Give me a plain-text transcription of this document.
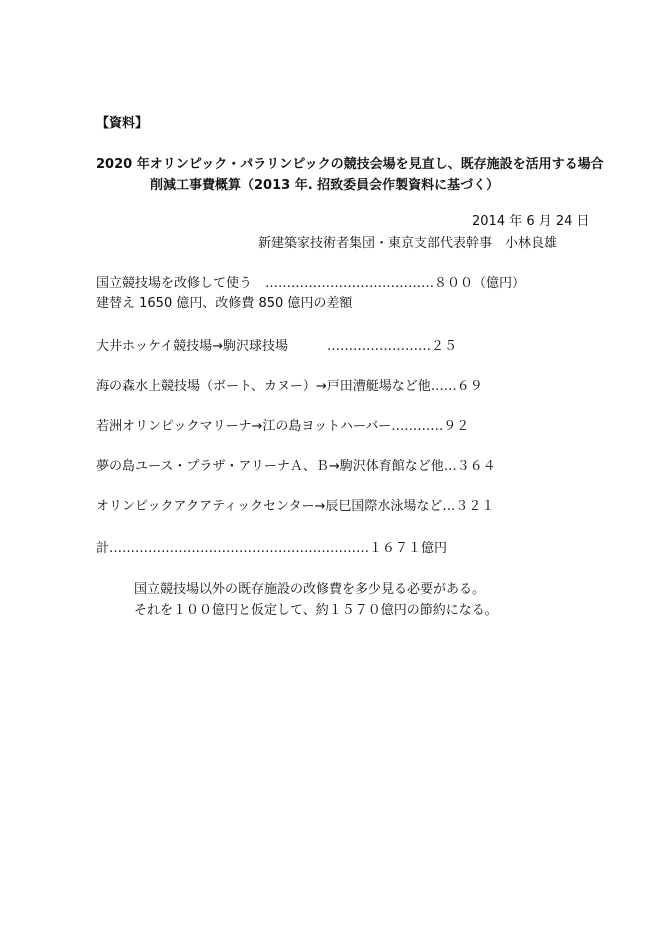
【資料】
2020 年オリンピック・パラリンピックの競技会場を見直し、既存施設を活用する場合
削減工事費概算（2013 年. 招致委員会作製資料に基づく）
2014 年 6 月 24 日
新建築家技術者集団・東京支部代表幹事　小林良雄
国立競技場を改修して使う　…………………………………８００（億円）
建替え 1650 億円、改修費 850 億円の差額
大井ホッケイ競技場→駒沢球技場　　　……………………２５
海の森水上競技場（ボート、カヌー）→戸田漕艇場など他……６９
若洲オリンピックマリーナ→江の島ヨットハーバー…………９２
夢の島ユース・プラザ・アリーナＡ、Ｂ→駒沢体育館など他…３６４
オリンピックアクアティックセンター→辰巳国際水泳場など…３２１
計……………………………………………………１６７１億円
国立競技場以外の既存施設の改修費を多少見る必要がある。
それを１００億円と仮定して、約１５７０億円の節約になる。
